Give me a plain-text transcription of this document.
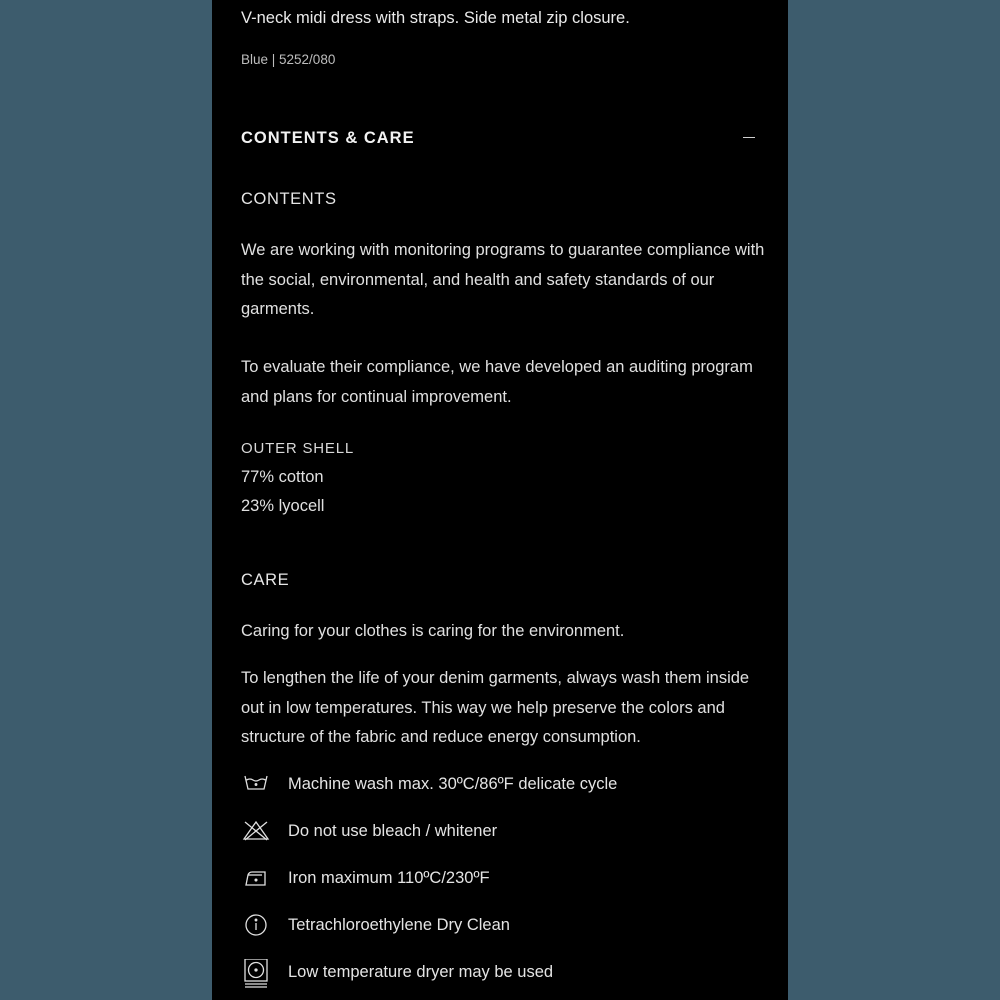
V-neck midi dress with straps. Side metal zip closure.
Blue | 5252/080
CONTENTS & CARE
CONTENTS
We are working with monitoring programs to guarantee compliance with the social, environmental, and health and safety standards of our garments.
To evaluate their compliance, we have developed an auditing program and plans for continual improvement.
OUTER SHELL
77% cotton
23% lyocell
CARE
Caring for your clothes is caring for the environment.
To lengthen the life of your denim garments, always wash them inside out in low temperatures. This way we help preserve the colors and structure of the fabric and reduce energy consumption.
Machine wash max. 30ºC/86ºF delicate cycle
Do not use bleach / whitener
Iron maximum 110ºC/230ºF
Tetrachloroethylene Dry Clean
Low temperature dryer may be used
